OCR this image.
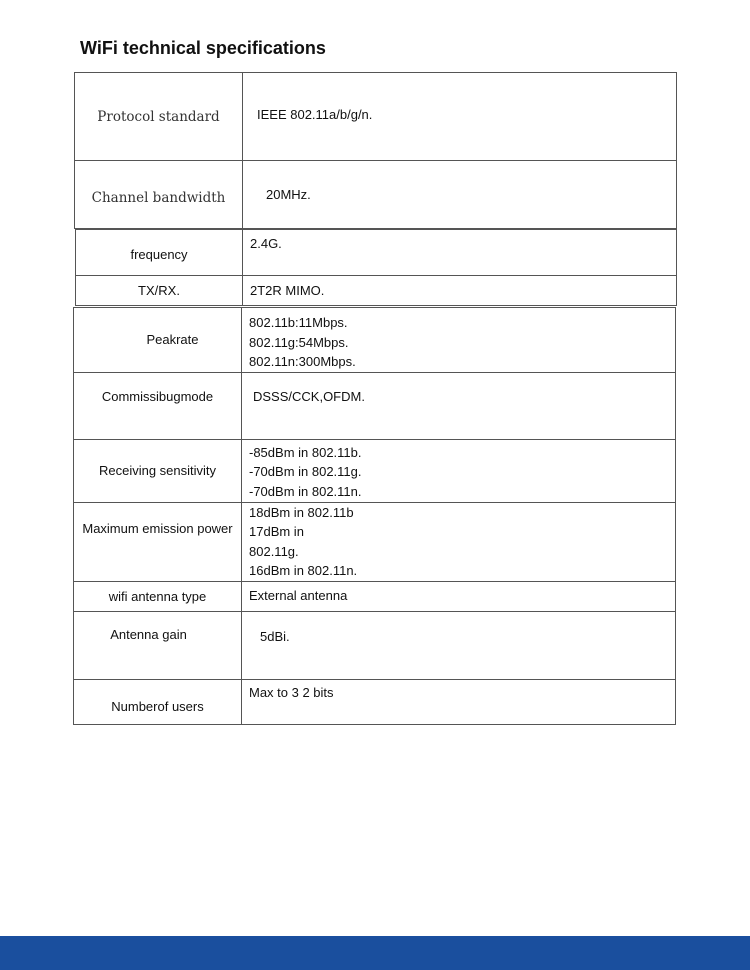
WiFi technical specifications
Protocol standard	IEEE 802.11a/b/g/n.

Channel bandwidth	20MHz.
frequency	2.4G.

TX/RX.	2T2R MIMO.
Peakrate	802.11b:11Mbps.
802.11g:54Mbps.
802.11n:300Mbps.

Commissibugmode	DSSS/CCK,OFDM.

Receiving sensitivity	-85dBm in 802.11b.
-70dBm in 802.11g.
-70dBm in 802.11n.

Maximum emission power	18dBm in 802.11b
17dBm in
802.11g.
16dBm in 802.11n.

wifi antenna type	External antenna

Antenna gain	5dBi.

Numberof users	Max to 3 2 bits
